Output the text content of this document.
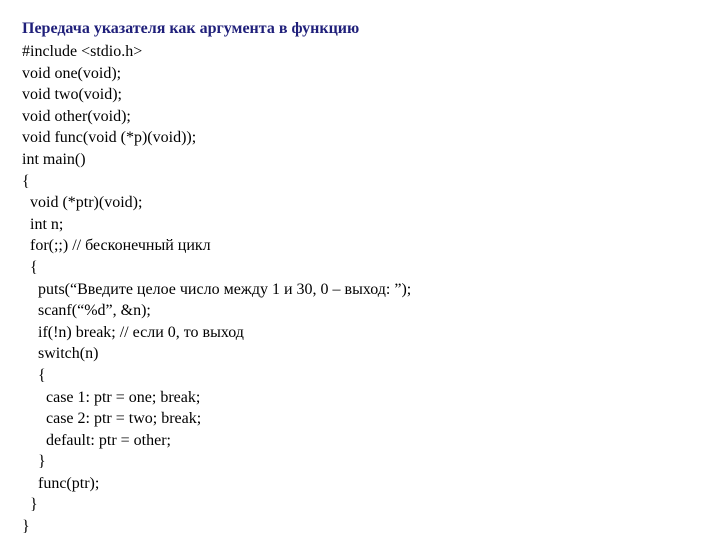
Передача указателя как аргумента в функцию
#include <stdio.h>
void one(void);
void two(void);
void other(void);
void func(void (*p)(void));
int main()
{
void (*ptr)(void);
int n;
for(;;) // бесконечный цикл
{
puts(“Введите целое число между 1 и 30, 0 – выход: ”);
scanf(“%d”, &n);
if(!n) break; // если 0, то выход
switch(n)
{
case 1: ptr = one; break;
case 2: ptr = two; break;
default: ptr = other;
}
func(ptr);
}
}
